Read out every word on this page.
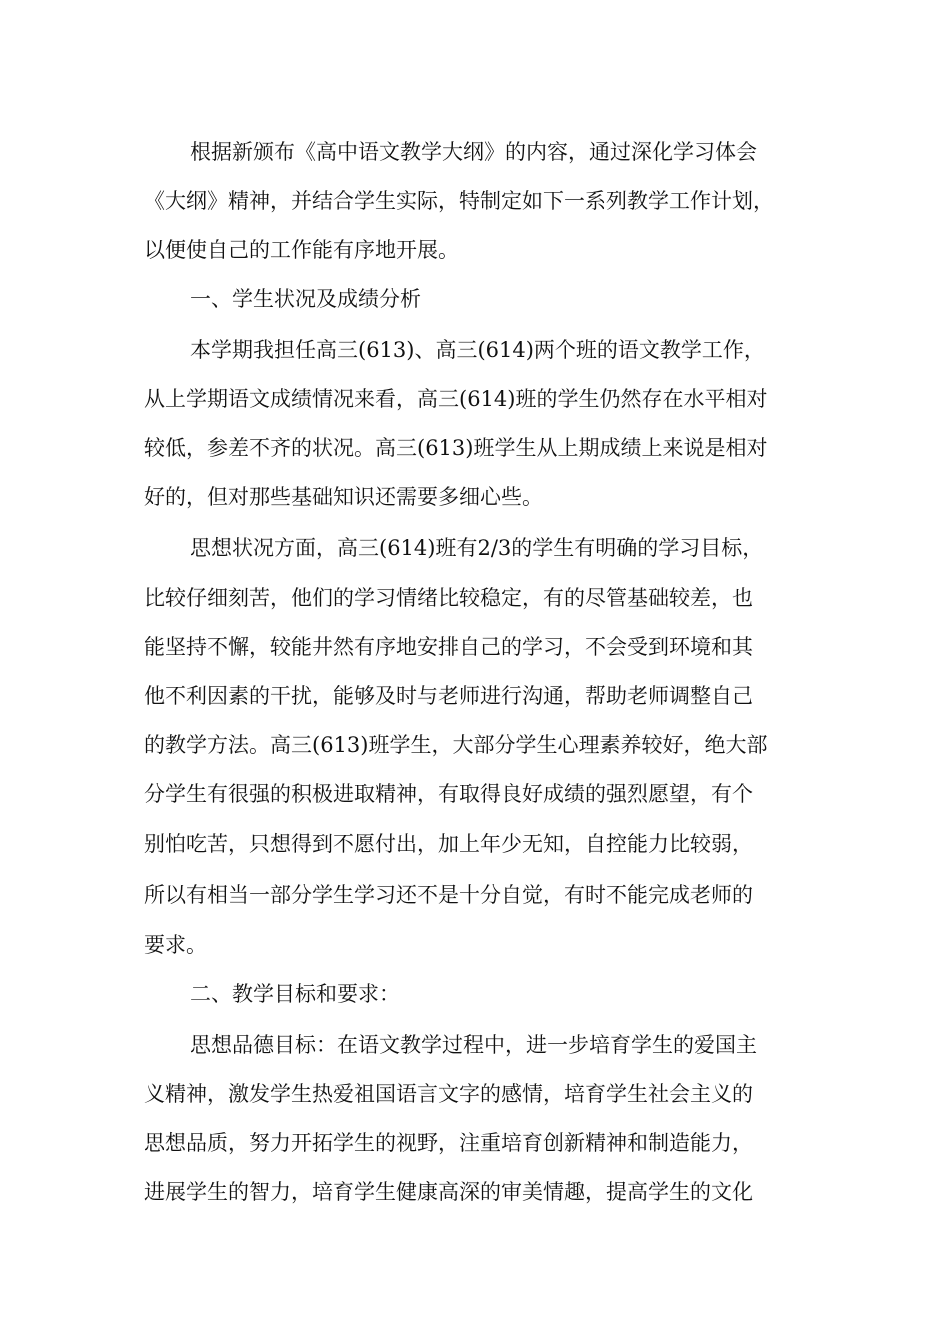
根据新颁布《高中语文教学大纲》的内容，通过深化学习体会
《大纲》精神，并结合学生实际，特制定如下一系列教学工作计划，
以便使自己的工作能有序地开展。
一、学生状况及成绩分析
本学期我担任高三(613)、高三(614)两个班的语文教学工作，
从上学期语文成绩情况来看，高三(614)班的学生仍然存在水平相对
较低，参差不齐的状况。高三(613)班学生从上期成绩上来说是相对
好的，但对那些基础知识还需要多细心些。
思想状况方面，高三(614)班有2/3的学生有明确的学习目标，
比较仔细刻苦，他们的学习情绪比较稳定，有的尽管基础较差，也
能坚持不懈，较能井然有序地安排自己的学习，不会受到环境和其
他不利因素的干扰，能够及时与老师进行沟通，帮助老师调整自己
的教学方法。高三(613)班学生，大部分学生心理素养较好，绝大部
分学生有很强的积极进取精神，有取得良好成绩的强烈愿望，有个
别怕吃苦，只想得到不愿付出，加上年少无知，自控能力比较弱，
所以有相当一部分学生学习还不是十分自觉，有时不能完成老师的
要求。
二、教学目标和要求：
思想品德目标：在语文教学过程中，进一步培育学生的爱国主
义精神，激发学生热爱祖国语言文字的感情，培育学生社会主义的
思想品质，努力开拓学生的视野，注重培育创新精神和制造能力，
进展学生的智力，培育学生健康高深的审美情趣，提高学生的文化
